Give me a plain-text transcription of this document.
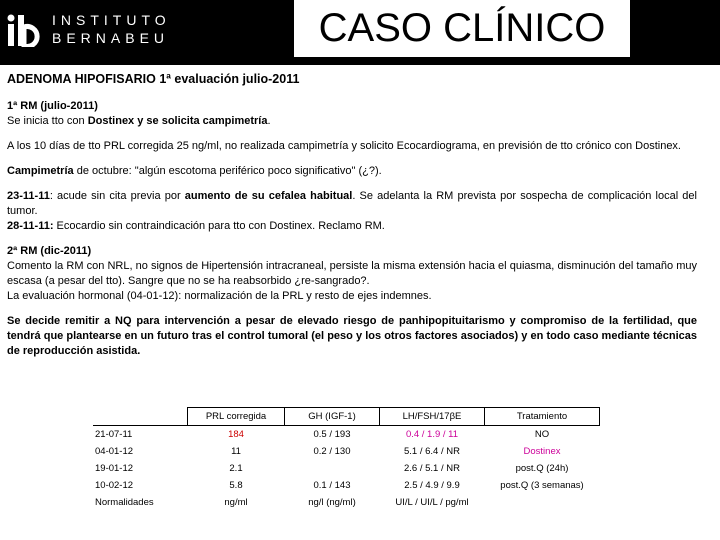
INSTITUTO
BERNABEU	CASO CLÍNICO

ADENOMA HIPOFISARIO 1ª evaluación julio-2011

1ª RM (julio-2011)

Se inicia tto con Dostinex y se solicita campimetría.

A los 10 días de tto PRL corregida 25 ng/ml, no realizada campimetría y solicito Ecocardiograma, en previsión de tto crónico con Dostinex.

Campimetría de octubre: "algún escotoma periférico poco significativo" (¿?).

23-11-11: acude sin cita previa por aumento de su cefalea habitual. Se adelanta la RM prevista por sospecha de complicación local del tumor.

28-11-11: Ecocardio sin contraindicación para tto con Dostinex. Reclamo RM.

2ª RM (dic-2011)

Comento la RM con NRL, no signos de Hipertensión intracraneal, persiste la misma extensión hacia el quiasma, disminución del tamaño muy escasa (a pesar del tto). Sangre que no se ha reabsorbido ¿re-sangrado?.

La evaluación hormonal (04-01-12): normalización de la PRL y resto de ejes indemnes.

Se decide remitir a NQ para intervención a pesar de elevado riesgo de panhipopituitarismo y compromiso de la fertilidad, que tendrá que plantearse en un futuro tras el control tumoral (el peso y los otros factores asociados) y en todo caso mediante técnicas de reproducción asistida.

	PRL corregida	GH (IGF-1)	LH/FSH/17βE	Tratamiento
21-07-11	184	0.5 / 193	0.4 / 1.9 / 11	NO
04-01-12	11	0.2 / 130	5.1 / 6.4 / NR	Dostinex
19-01-12	2.1		2.6 / 5.1 / NR	post.Q (24h)
10-02-12	5.8	0.1 / 143	2.5 / 4.9 / 9.9	post.Q (3 semanas)
Normalidades	ng/ml	ng/l (ng/ml)	UI/L / UI/L / pg/ml	
